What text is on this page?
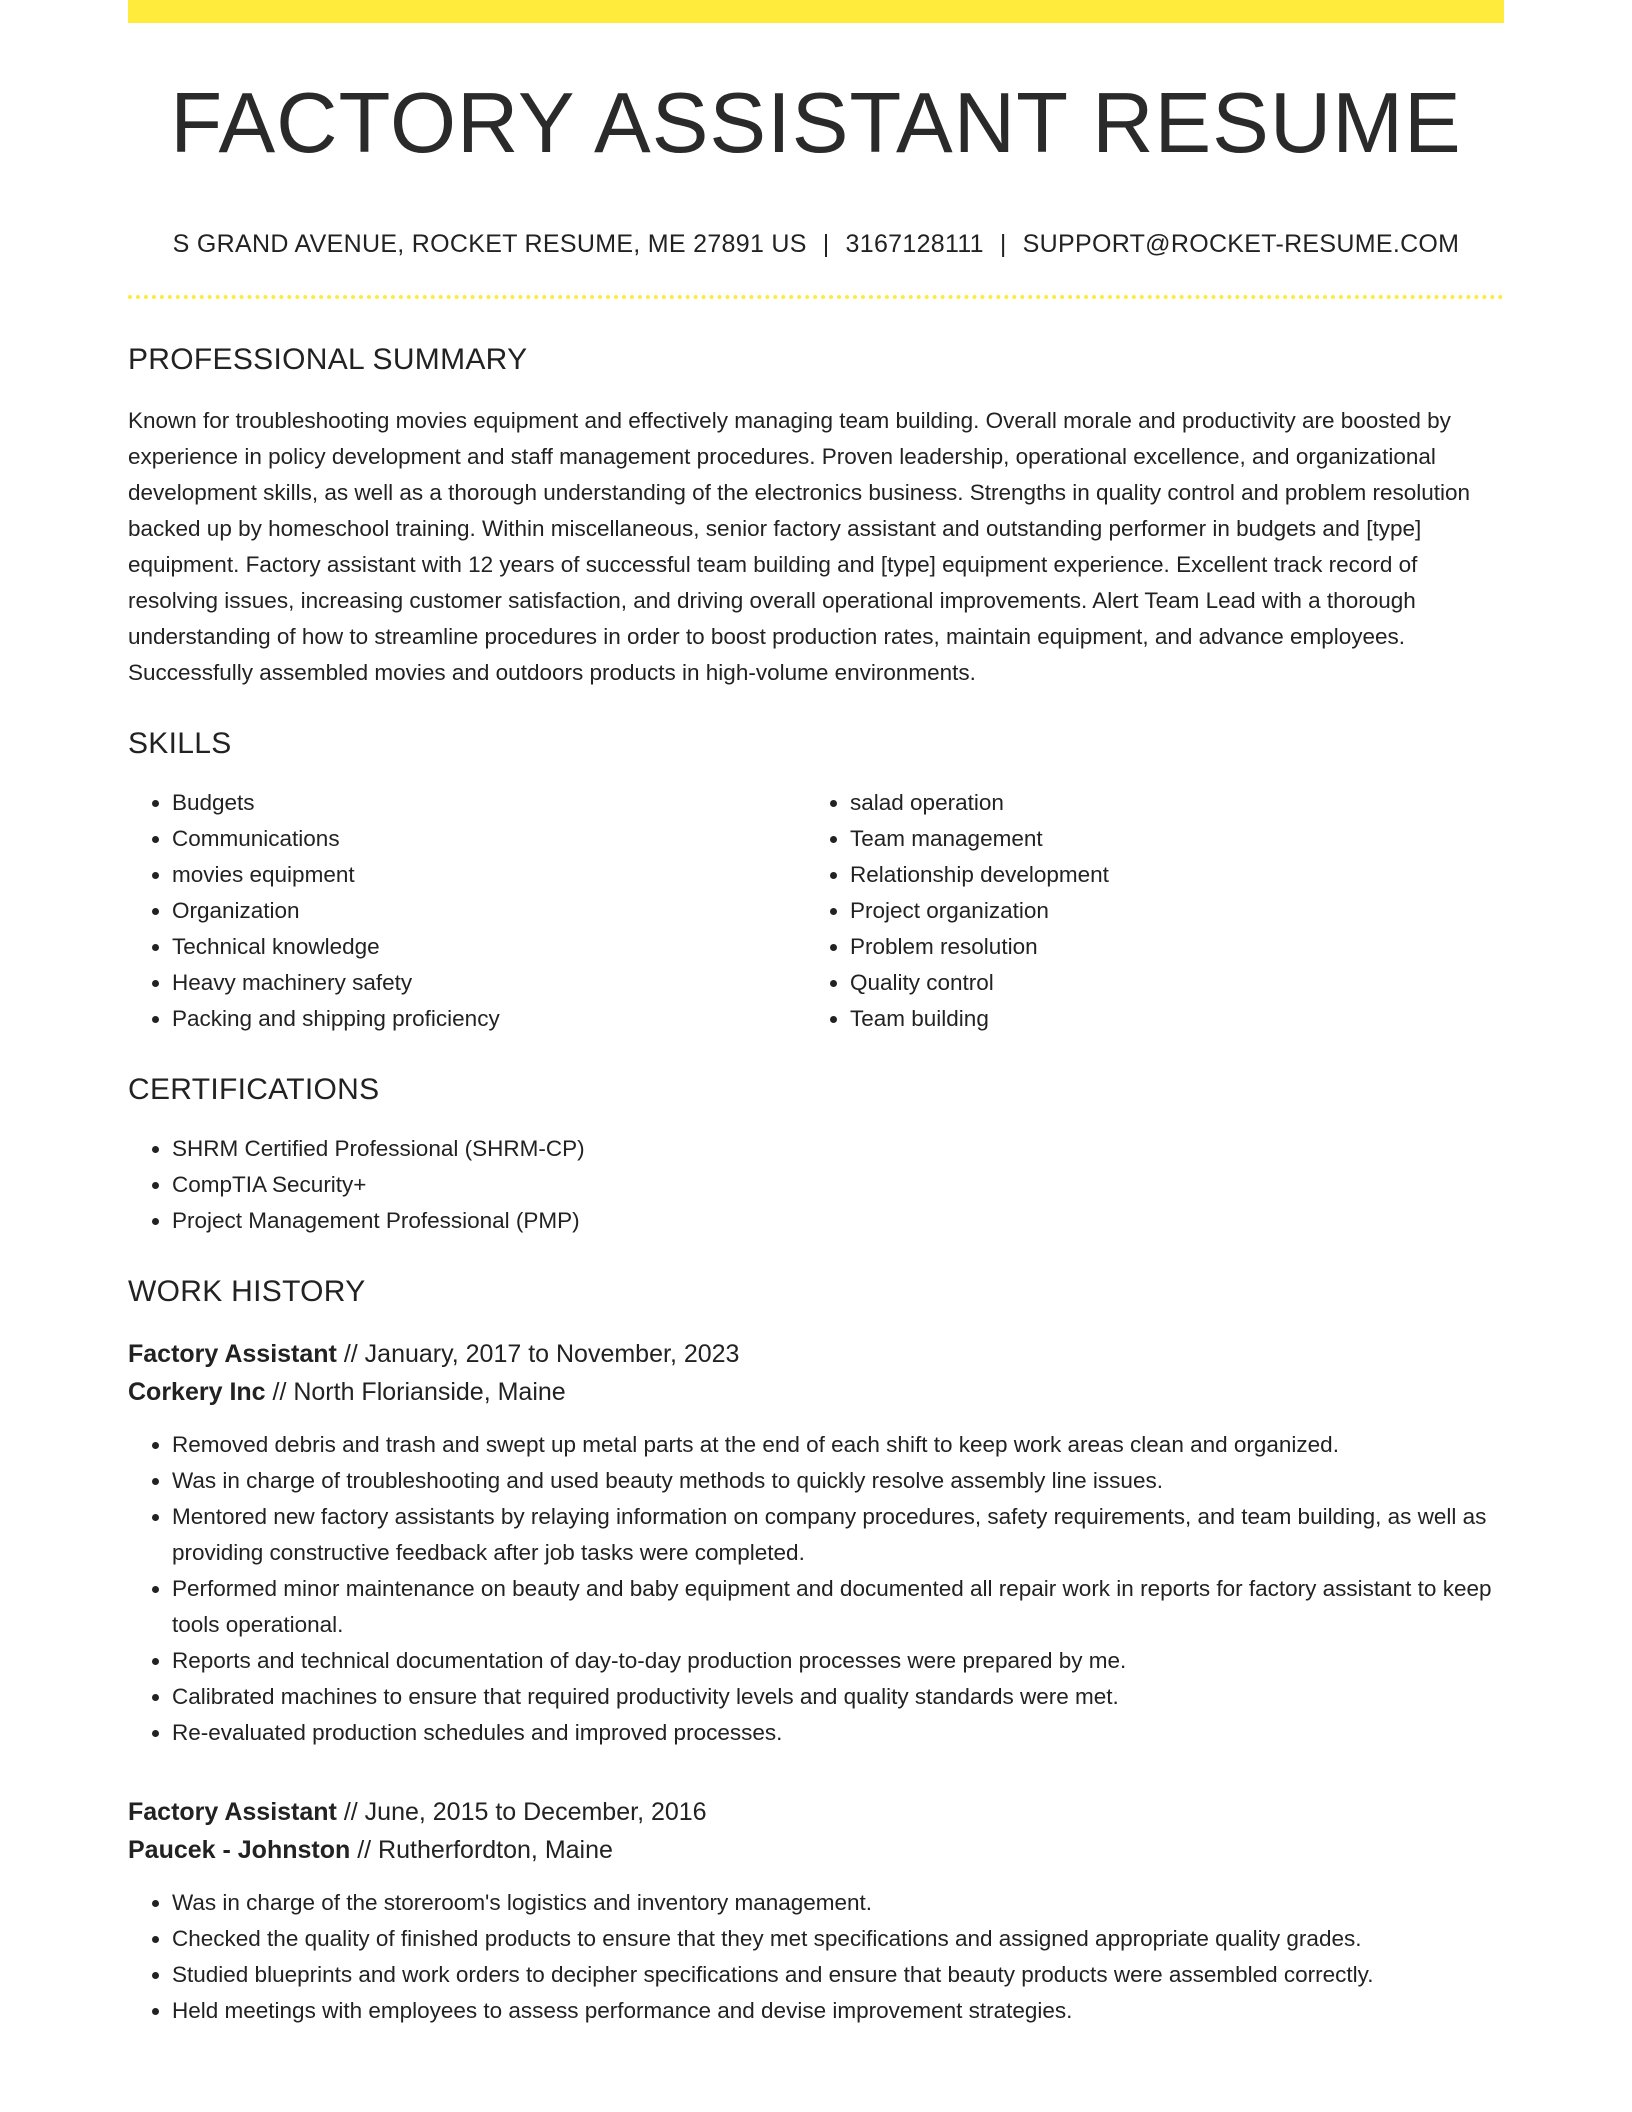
FACTORY ASSISTANT RESUME
S GRAND AVENUE, ROCKET RESUME, ME 27891 US | 3167128111 | SUPPORT@ROCKET-RESUME.COM
PROFESSIONAL SUMMARY

Known for troubleshooting movies equipment and effectively managing team building. Overall morale and productivity are boosted by experience in policy development and staff management procedures. Proven leadership, operational excellence, and organizational development skills, as well as a thorough understanding of the electronics business. Strengths in quality control and problem resolution backed up by homeschool training. Within miscellaneous, senior factory assistant and outstanding performer in budgets and [type] equipment. Factory assistant with 12 years of successful team building and [type] equipment experience. Excellent track record of resolving issues, increasing customer satisfaction, and driving overall operational improvements. Alert Team Lead with a thorough understanding of how to streamline procedures in order to boost production rates, maintain equipment, and advance employees. Successfully assembled movies and outdoors products in high-volume environments.

SKILLS
• Budgets
• Communications
• movies equipment
• Organization
• Technical knowledge
• Heavy machinery safety
• Packing and shipping proficiency
• salad operation
• Team management
• Relationship development
• Project organization
• Problem resolution
• Quality control
• Team building
CERTIFICATIONS
• SHRM Certified Professional (SHRM-CP)
• CompTIA Security+
• Project Management Professional (PMP)
WORK HISTORY
Factory Assistant // January, 2017 to November, 2023
Corkery Inc // North Florianside, Maine
• Removed debris and trash and swept up metal parts at the end of each shift to keep work areas clean and organized.
• Was in charge of troubleshooting and used beauty methods to quickly resolve assembly line issues.
• Mentored new factory assistants by relaying information on company procedures, safety requirements, and team building, as well as providing constructive feedback after job tasks were completed.
• Performed minor maintenance on beauty and baby equipment and documented all repair work in reports for factory assistant to keep tools operational.
• Reports and technical documentation of day-to-day production processes were prepared by me.
• Calibrated machines to ensure that required productivity levels and quality standards were met.
• Re-evaluated production schedules and improved processes.
Factory Assistant // June, 2015 to December, 2016
Paucek - Johnston // Rutherfordton, Maine
• Was in charge of the storeroom's logistics and inventory management.
• Checked the quality of finished products to ensure that they met specifications and assigned appropriate quality grades.
• Studied blueprints and work orders to decipher specifications and ensure that beauty products were assembled correctly.
• Held meetings with employees to assess performance and devise improvement strategies.
